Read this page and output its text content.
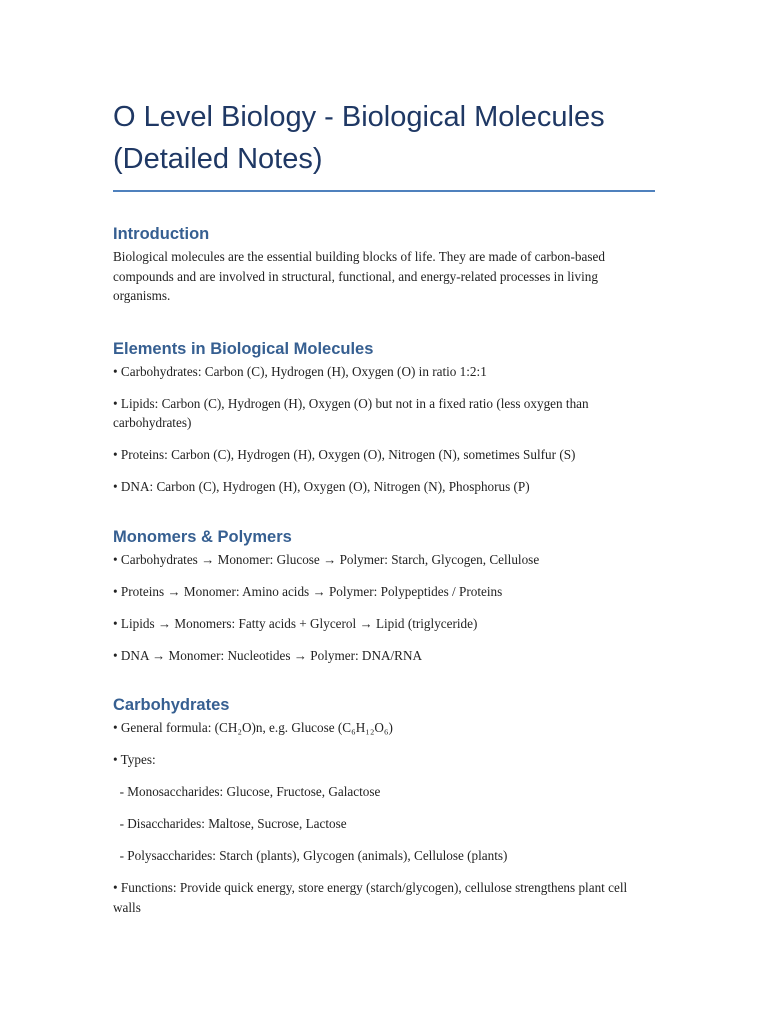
O Level Biology - Biological Molecules (Detailed Notes)
Introduction

Biological molecules are the essential building blocks of life. They are made of carbon-based compounds and are involved in structural, functional, and energy-related processes in living organisms.

Elements in Biological Molecules

• Carbohydrates: Carbon (C), Hydrogen (H), Oxygen (O) in ratio 1:2:1

• Lipids: Carbon (C), Hydrogen (H), Oxygen (O) but not in a fixed ratio (less oxygen than carbohydrates)

• Proteins: Carbon (C), Hydrogen (H), Oxygen (O), Nitrogen (N), sometimes Sulfur (S)

• DNA: Carbon (C), Hydrogen (H), Oxygen (O), Nitrogen (N), Phosphorus (P)

Monomers & Polymers

• Carbohydrates → Monomer: Glucose → Polymer: Starch, Glycogen, Cellulose

• Proteins → Monomer: Amino acids → Polymer: Polypeptides / Proteins

• Lipids → Monomers: Fatty acids + Glycerol → Lipid (triglyceride)

• DNA → Monomer: Nucleotides → Polymer: DNA/RNA

Carbohydrates

• General formula: (CH₂O)n, e.g. Glucose (C₆H₁₂O₆)

• Types:

- Monosaccharides: Glucose, Fructose, Galactose

- Disaccharides: Maltose, Sucrose, Lactose

- Polysaccharides: Starch (plants), Glycogen (animals), Cellulose (plants)

• Functions: Provide quick energy, store energy (starch/glycogen), cellulose strengthens plant cell walls
